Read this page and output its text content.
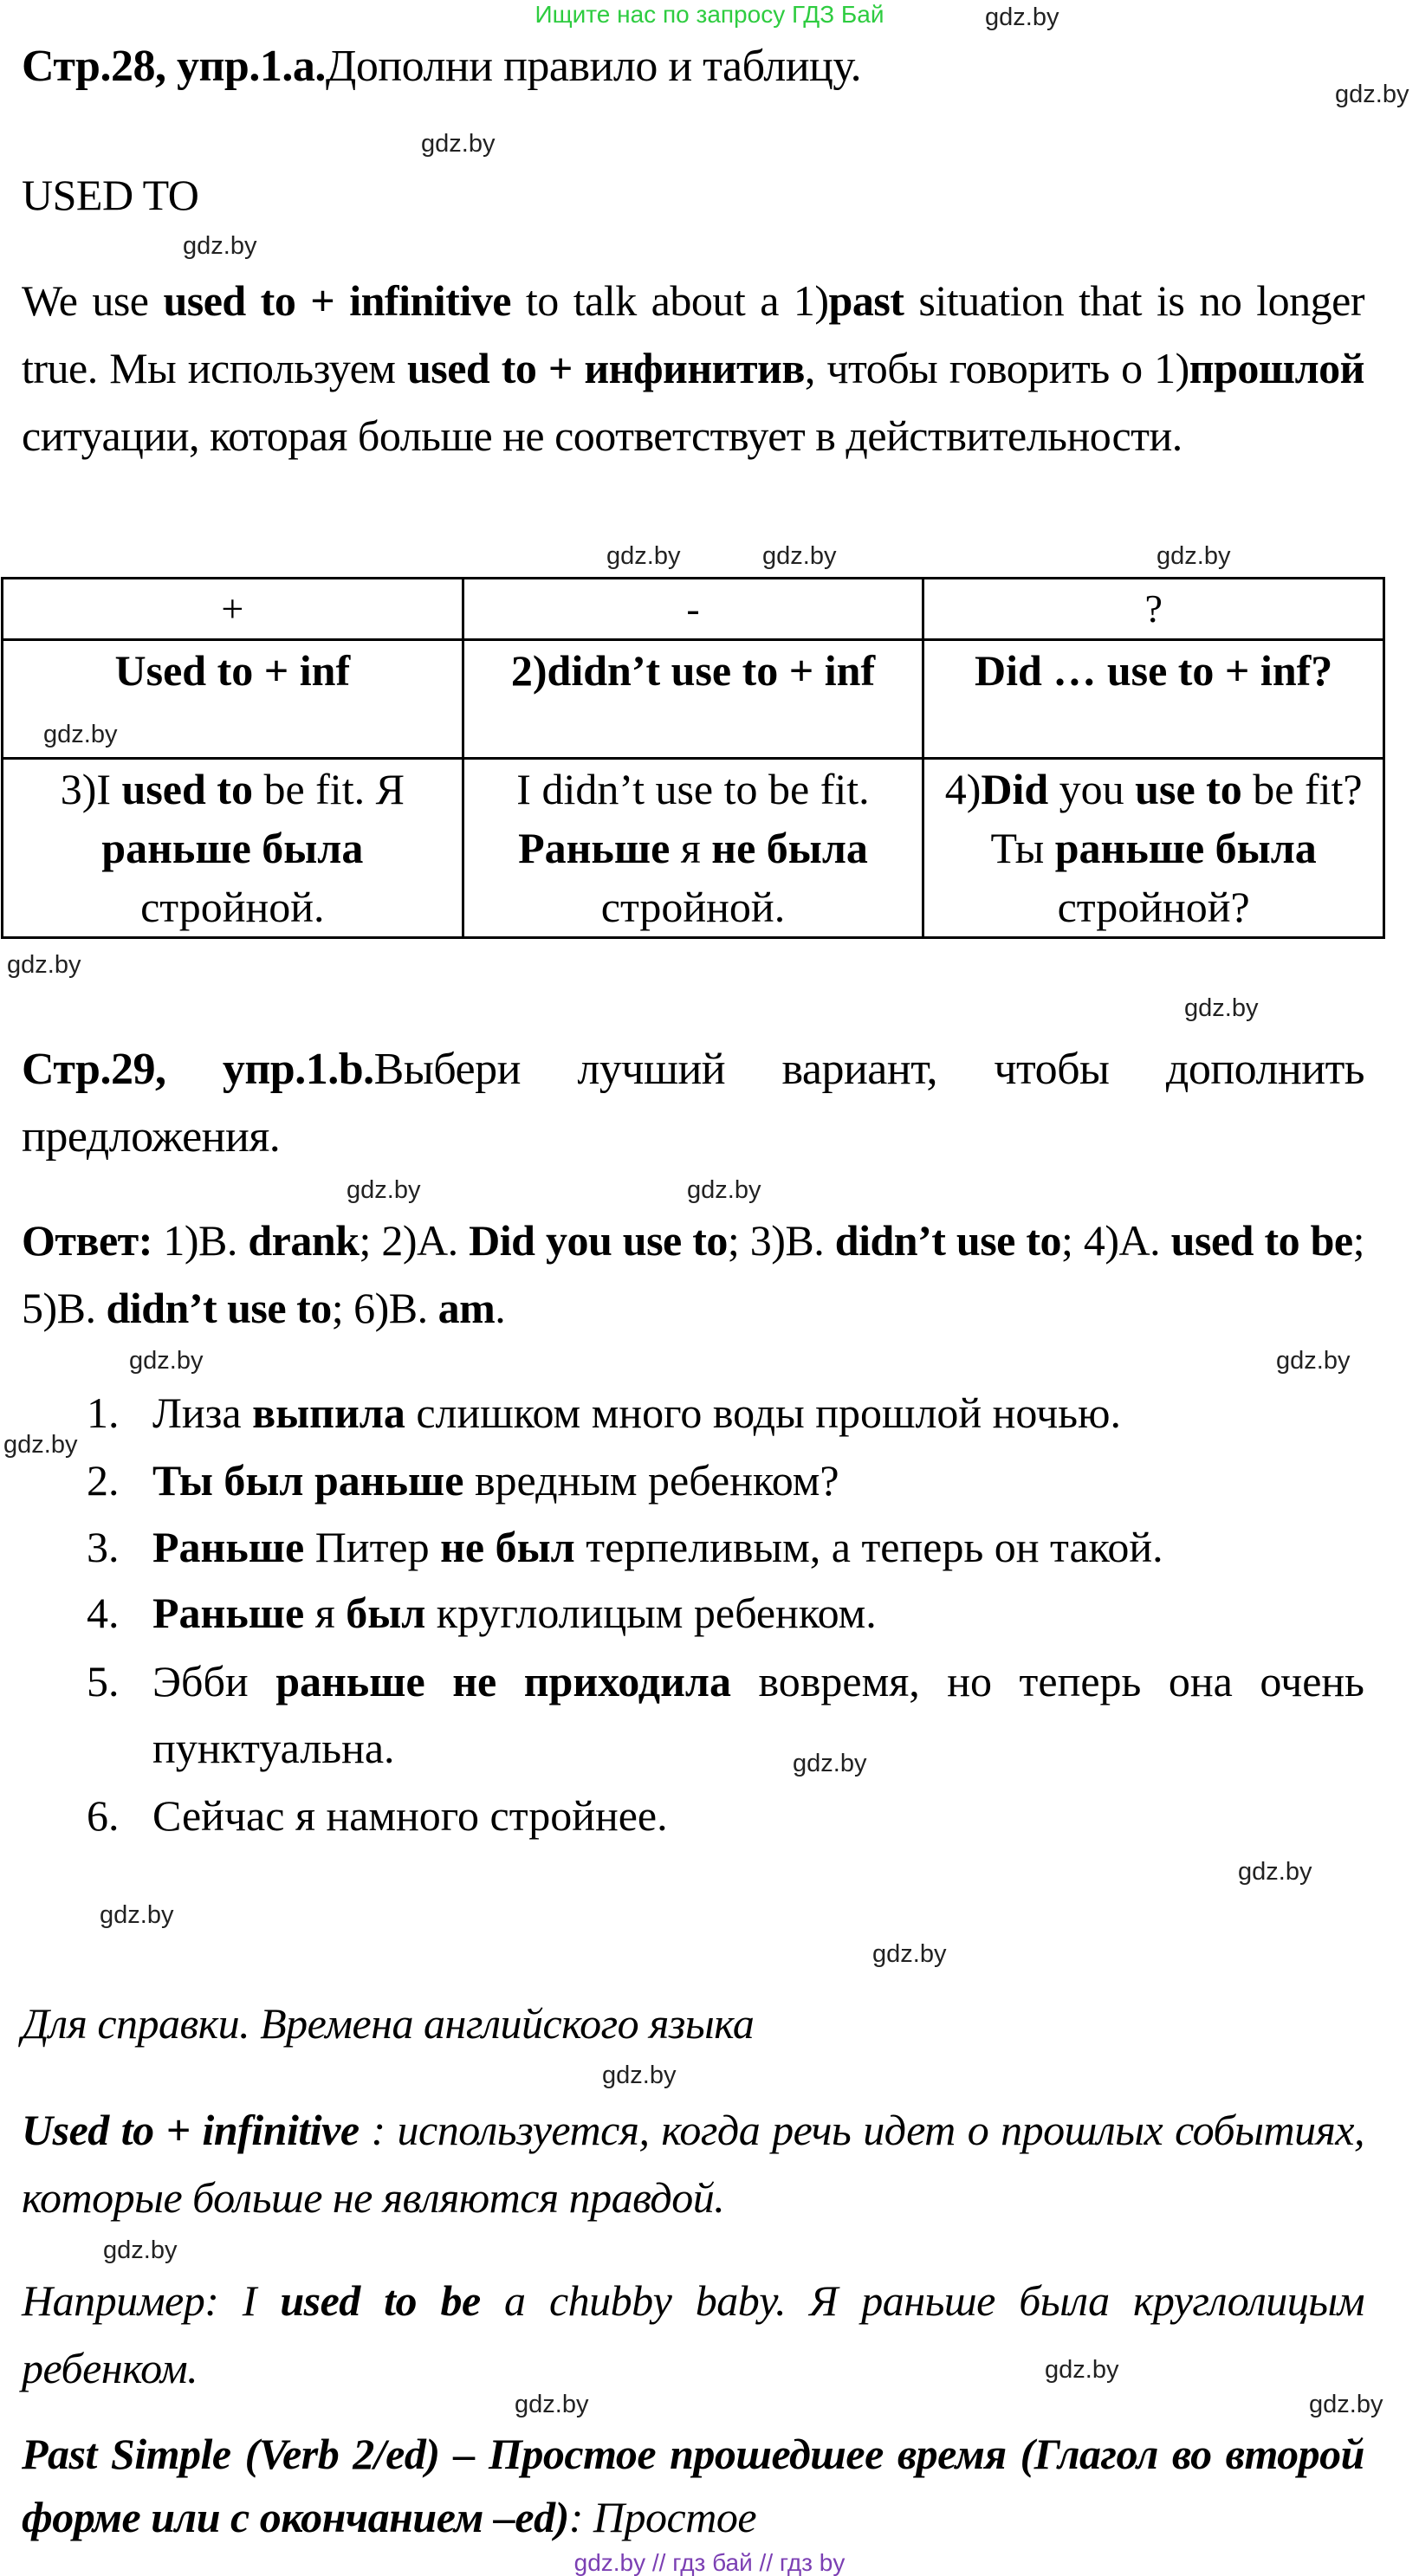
Ищите нас по запросу ГДЗ Бай
Стр.28, упр.1.а.Дополни правило и таблицу.
USED TO
We use used to + infinitive to talk about a 1)past situation that is no longer true. Мы используем used to + инфинитив, чтобы говорить о 1)прошлой ситуации, которая больше не соответствует в действительности.
+	-	?
Used to + inf	2)didn’t use to + inf	Did … use to + inf?
3)I used to be fit. Я раньше была стройной.	I didn’t use to be fit. Раньше я не была стройной.	4)Did you use to be fit? Ты раньше была стройной?
Стр.29, упр.1.b.Выбери лучший вариант, чтобы дополнить предложения.
Ответ: 1)B. drank; 2)A. Did you use to; 3)B. didn’t use to; 4)A. used to be; 5)B. didn’t use to; 6)B. am.
1. Лиза выпила слишком много воды прошлой ночью.
2. Ты был раньше вредным ребенком?
3. Раньше Питер не был терпеливым, а теперь он такой.
4. Раньше я был круглолицым ребенком.
5. Эбби раньше не приходила вовремя, но теперь она очень пунктуальна.
6. Сейчас я намного стройнее.
Для справки. Времена английского языка
Used to + infinitive : используется, когда речь идет о прошлых событиях, которые больше не являются правдой.
Например: I used to be a chubby baby. Я раньше была круглолицым ребенком.
Past Simple (Verb 2/ed) – Простое прошедшее время (Глагол во второй форме или с окончанием –ed): Простое
gdz.by // гдз бай // гдз by
gdz.by
gdz.by
gdz.by
gdz.by
gdz.by	gdz.by
gdz.by
gdz.by
gdz.by
gdz.by
gdz.by
gdz.by
gdz.by
gdz.by
gdz.by
gdz.by
gdz.by
gdz.by
gdz.by
gdz.by
gdz.by
gdz.by
gdz.by	gdz.by
